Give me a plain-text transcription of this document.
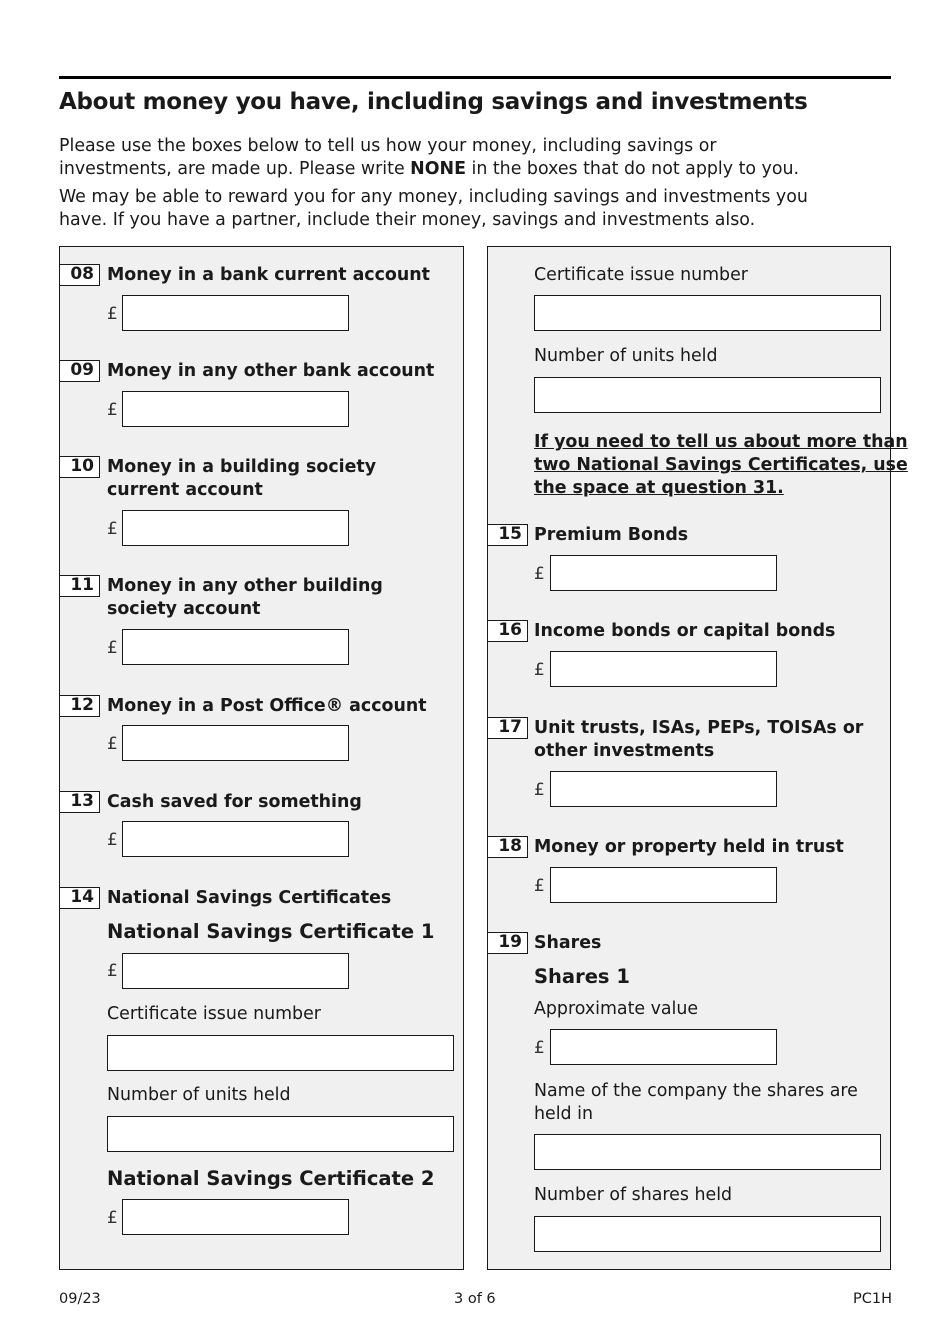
About money you have, including savings and investments
Please use the boxes below to tell us how your money, including savings or
investments, are made up. Please write NONE in the boxes that do not apply to you.
We may be able to reward you for any money, including savings and investments you
have. If you have a partner, include their money, savings and investments also.
08 Money in a bank current account
£
09 Money in any other bank account
£
10 Money in a building society
current account
£
11 Money in any other building
society account
£
12 Money in a Post Office® account
£
13 Cash saved for something
£
14 National Savings Certificates
National Savings Certificate 1
£
Certificate issue number
Number of units held
National Savings Certificate 2
£
Certificate issue number
Number of units held
If you need to tell us about more than
two National Savings Certificates, use
the space at question 31.
15 Premium Bonds
£
16 Income bonds or capital bonds
£
17 Unit trusts, ISAs, PEPs, TOISAs or
other investments
£
18 Money or property held in trust
£
19 Shares
Shares 1
Approximate value
£
Name of the company the shares are
held in
Number of shares held
09/23	3 of 6	PC1H
